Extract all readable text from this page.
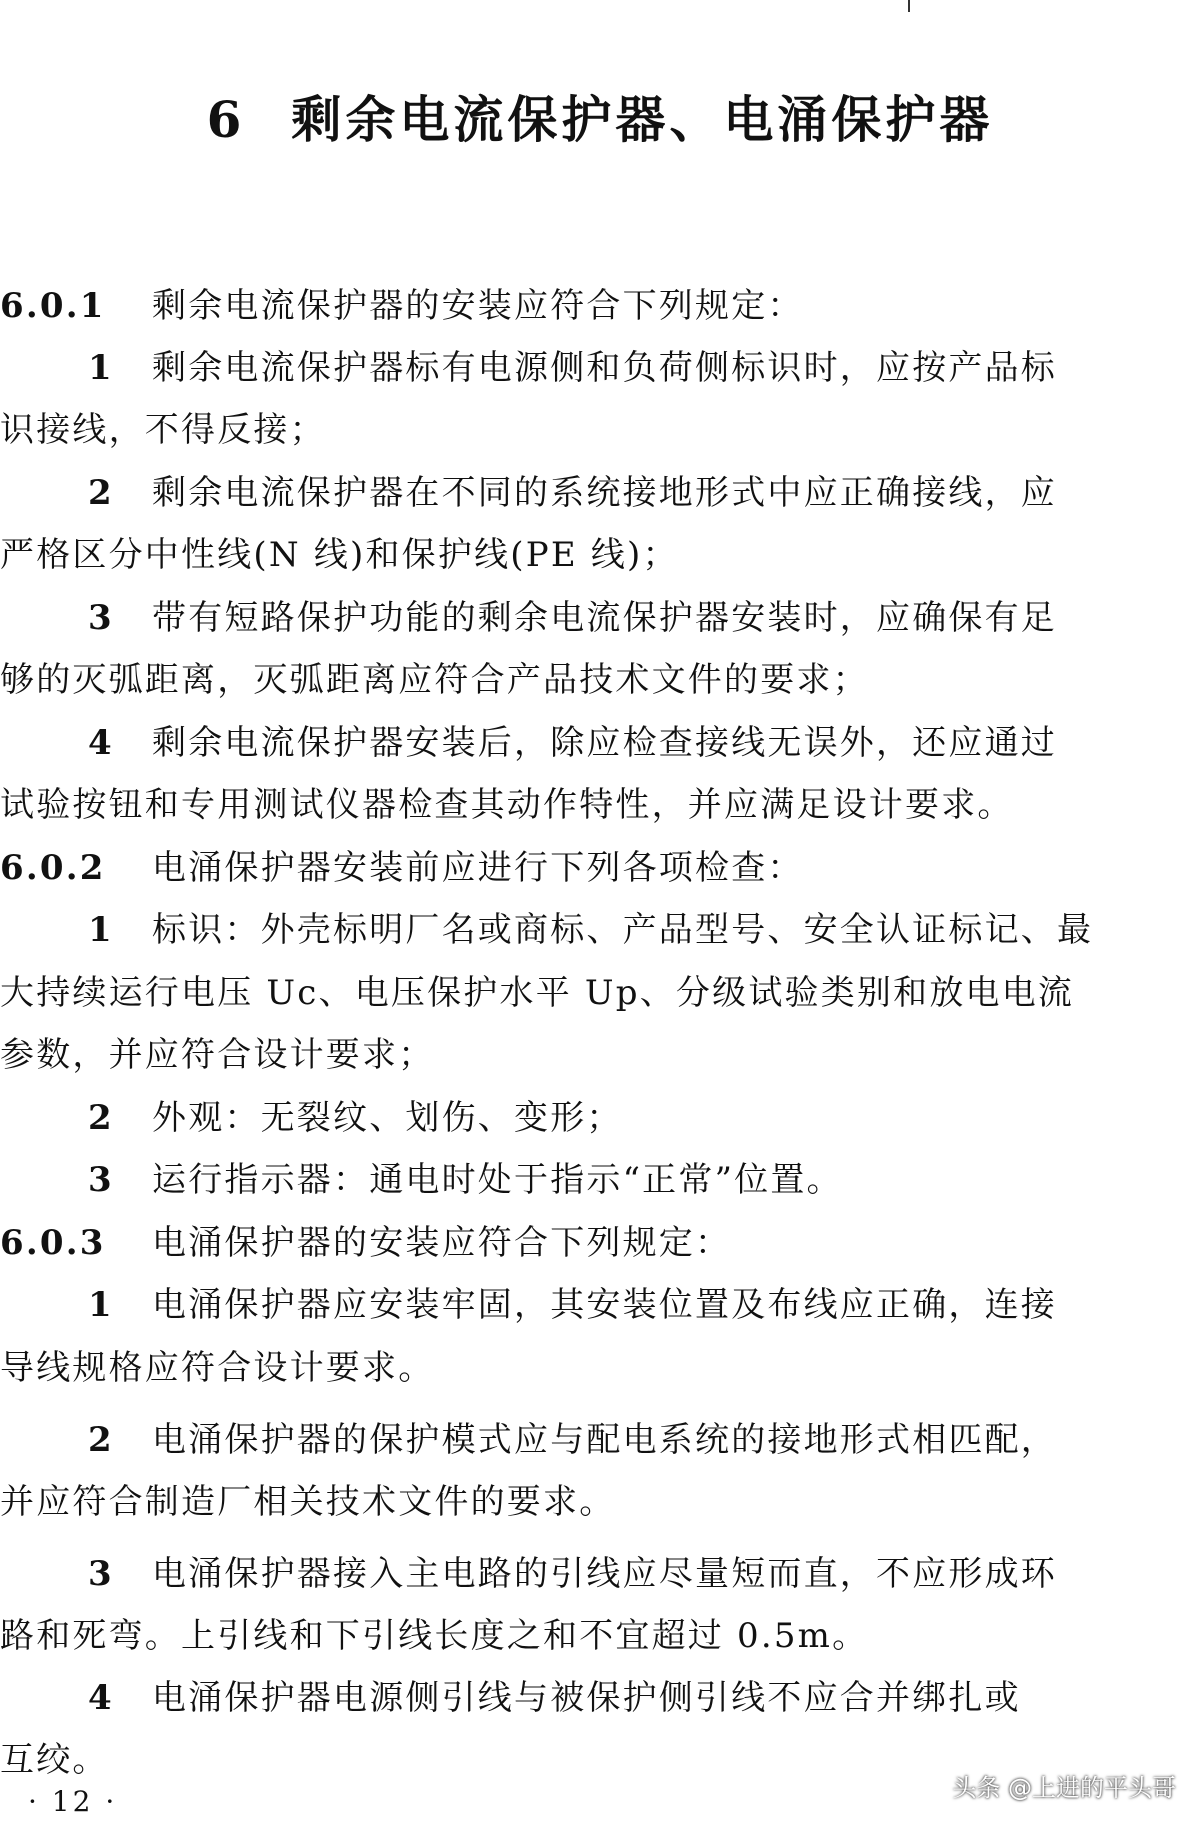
6 剩余电流保护器、电涌保护器
6.0.1 剩余电流保护器的安装应符合下列规定：
1 剩余电流保护器标有电源侧和负荷侧标识时，应按产品标
识接线，不得反接；
2 剩余电流保护器在不同的系统接地形式中应正确接线，应
严格区分中性线(N 线)和保护线(PE 线)；
3 带有短路保护功能的剩余电流保护器安装时，应确保有足
够的灭弧距离，灭弧距离应符合产品技术文件的要求；
4 剩余电流保护器安装后，除应检查接线无误外，还应通过
试验按钮和专用测试仪器检查其动作特性，并应满足设计要求。
6.0.2 电涌保护器安装前应进行下列各项检查：
1 标识：外壳标明厂名或商标、产品型号、安全认证标记、最
大持续运行电压 Uc、电压保护水平 Up、分级试验类别和放电电流
参数，并应符合设计要求；
2 外观：无裂纹、划伤、变形；
3 运行指示器：通电时处于指示“正常”位置。
6.0.3 电涌保护器的安装应符合下列规定：
1 电涌保护器应安装牢固，其安装位置及布线应正确，连接
导线规格应符合设计要求。
2 电涌保护器的保护模式应与配电系统的接地形式相匹配，
并应符合制造厂相关技术文件的要求。
3 电涌保护器接入主电路的引线应尽量短而直，不应形成环
路和死弯。上引线和下引线长度之和不宜超过 0.5m。
4 电涌保护器电源侧引线与被保护侧引线不应合并绑扎或
互绞。
· 12 ·	头条 @上进的平头哥
